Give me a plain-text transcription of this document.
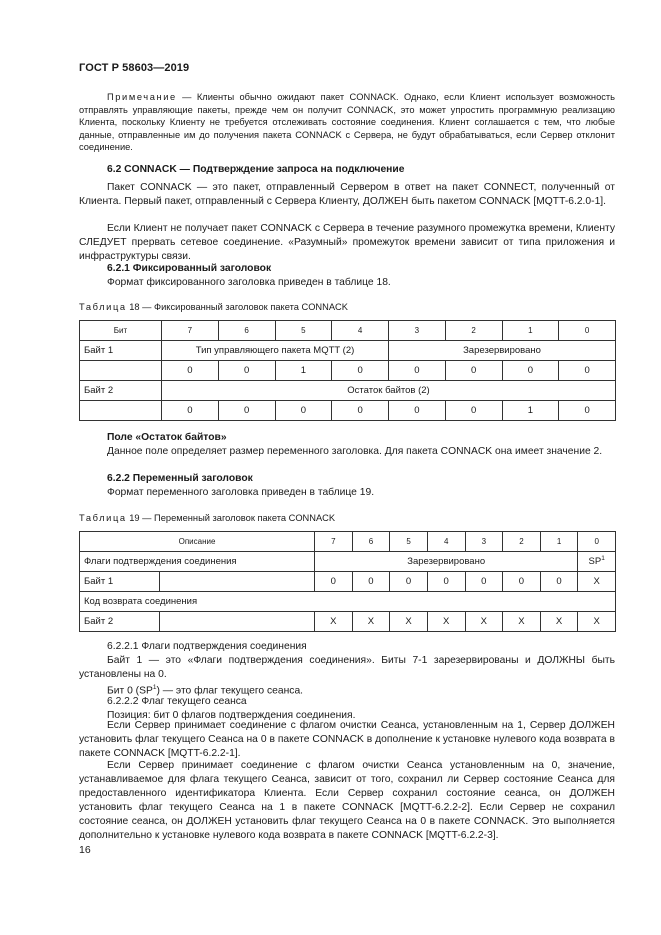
ГОСТ Р 58603—2019
Примечание — Клиенты обычно ожидают пакет CONNACK. Однако, если Клиент использует возможность отправлять управляющие пакеты, прежде чем он получит CONNACK, это может упростить программную реализацию Клиента, поскольку Клиенту не требуется отслеживать состояние соединения. Клиент соглашается с тем, что любые данные, отправленные им до получения пакета CONNACK с Сервера, не будут обрабатываться, если Сервер отклонит соединение.
6.2 CONNACK — Подтверждение запроса на подключение
Пакет CONNACK — это пакет, отправленный Сервером в ответ на пакет CONNECT, полученный от Клиента. Первый пакет, отправленный с Сервера Клиенту, ДОЛЖЕН быть пакетом CONNACK [MQTT-6.2.0-1].
Если Клиент не получает пакет CONNACK с Сервера в течение разумного промежутка времени, Клиенту СЛЕДУЕТ прервать сетевое соединение. «Разумный» промежуток времени зависит от типа приложения и инфраструктуры связи.
6.2.1 Фиксированный заголовок
Формат фиксированного заголовка приведен в таблице 18.
Таблица 18 — Фиксированный заголовок пакета CONNACK
Бит	7	6	5	4	3	2	1	0
Байт 1	Тип управляющего пакета MQTT (2)				Зарезервировано			
	0	0	1	0	0	0	0	0
Байт 2	Остаток байтов (2)							
	0	0	0	0	0	0	1	0
Поле «Остаток байтов»
Данное поле определяет размер переменного заголовка. Для пакета CONNACK она имеет значение 2.
6.2.2 Переменный заголовок
Формат переменного заголовка приведен в таблице 19.
Таблица 19 — Переменный заголовок пакета CONNACK
Описание		7	6	5	4	3	2	1	0
Флаги подтверждения соединения		Зарезервировано							$SP^1$
Байт 1		0	0	0	0	0	0	0	X
Код возврата соединения									
Байт 2		X	X	X	X	X	X	X	X
6.2.2.1 Флаги подтверждения соединения
Байт 1 — это «Флаги подтверждения соединения». Биты 7-1 зарезервированы и ДОЛЖНЫ быть установлены на 0.
Бит 0 $(SP^1)$ — это флаг текущего сеанса.
6.2.2.2 Флаг текущего сеанса
Позиция: бит 0 флагов подтверждения соединения.
Если Сервер принимает соединение с флагом очистки Сеанса, установленным на 1, Сервер ДОЛЖЕН установить флаг текущего Сеанса на 0 в пакете CONNACK в дополнение к установке нулевого кода возврата в пакете CONNACK [MQTT-6.2.2-1].
Если Сервер принимает соединение с флагом очистки Сеанса установленным на 0, значение, устанавливаемое для флага текущего Сеанса, зависит от того, сохранил ли Сервер состояние Сеанса для предоставленного идентификатора Клиента. Если Сервер сохранил состояние сеанса, он ДОЛЖЕН установить флаг текущего Сеанса на 1 в пакете CONNACK [MQTT-6.2.2-2]. Если Сервер не сохранил состояние сеанса, он ДОЛЖЕН установить флаг текущего Сеанса на 0 в пакете CONNACK. Это выполняется дополнительно к установке нулевого кода возврата в пакете CONNACK [MQTT-6.2.2-3].
16
